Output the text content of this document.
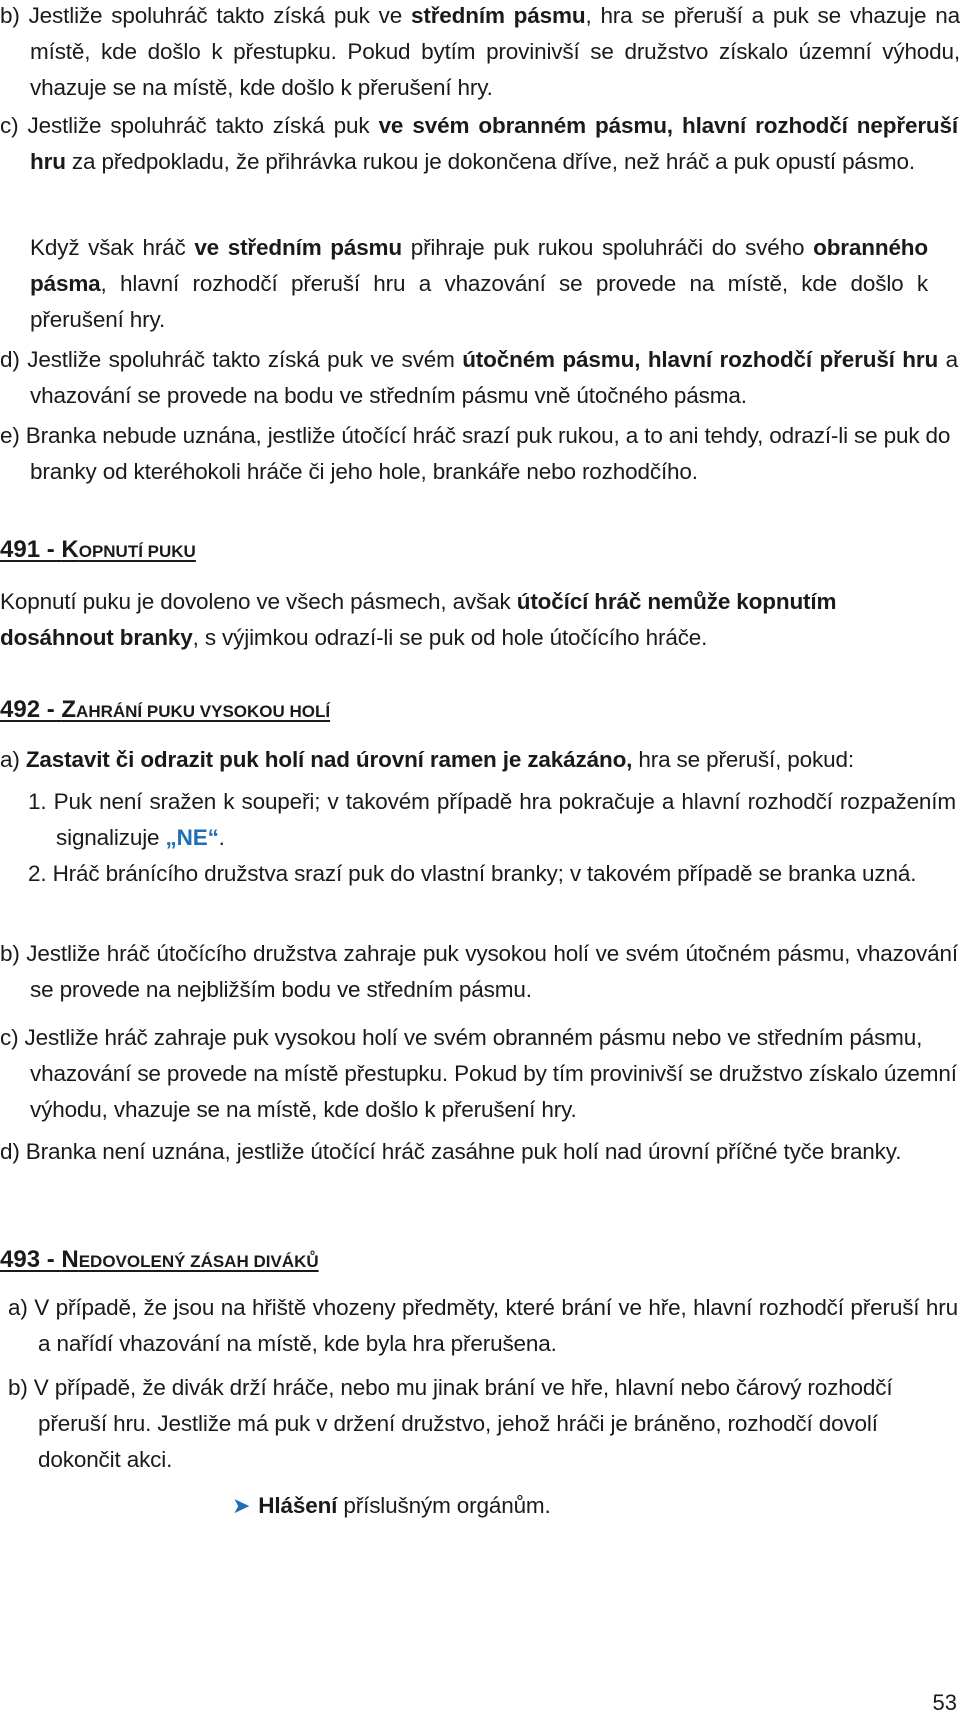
b) Jestliže spoluhráč takto získá puk ve středním pásmu, hra se přeruší a puk se vhazuje na místě, kde došlo k přestupku. Pokud bytím provinivší se družstvo získalo územní výhodu, vhazuje se na místě, kde došlo k přerušení hry.

c) Jestliže spoluhráč takto získá puk ve svém obranném pásmu, hlavní rozhodčí nepřeruší hru za předpokladu, že přihrávka rukou je dokončena dříve, než hráč a puk opustí pásmo.

Když však hráč ve středním pásmu přihraje puk rukou spoluhráči do svého obranného pásma, hlavní rozhodčí přeruší hru a vhazování se provede na místě, kde došlo k přerušení hry.

d) Jestliže spoluhráč takto získá puk ve svém útočném pásmu, hlavní rozhodčí přeruší hru a vhazování se provede na bodu ve středním pásmu vně útočného pásma.

e) Branka nebude uznána, jestliže útočící hráč srazí puk rukou, a to ani tehdy, odrazí-li se puk do branky od kteréhokoli hráče či jeho hole, brankáře nebo rozhodčího.

491 - KOPNUTÍ PUKU

Kopnutí puku je dovoleno ve všech pásmech, avšak útočící hráč nemůže kopnutím dosáhnout branky, s výjimkou odrazí-li se puk od hole útočícího hráče.

492 - ZAHRÁNÍ PUKU VYSOKOU HOLÍ

a) Zastavit či odrazit puk holí nad úrovní ramen je zakázáno, hra se přeruší, pokud:

1. Puk není sražen k soupeři; v takovém případě hra pokračuje a hlavní rozhodčí rozpažením signalizuje „NE“.

2. Hráč bránícího družstva srazí puk do vlastní branky; v takovém případě se branka uzná.

b) Jestliže hráč útočícího družstva zahraje puk vysokou holí ve svém útočném pásmu, vhazování se provede na nejbližším bodu ve středním pásmu.

c) Jestliže hráč zahraje puk vysokou holí ve svém obranném pásmu nebo ve středním pásmu, vhazování se provede na místě přestupku. Pokud by tím provinivší se družstvo získalo územní výhodu, vhazuje se na místě, kde došlo k přerušení hry.

d) Branka není uznána, jestliže útočící hráč zasáhne puk holí nad úrovní příčné tyče branky.

493 - NEDOVOLENÝ ZÁSAH DIVÁKŮ

a) V případě, že jsou na hřiště vhozeny předměty, které brání ve hře, hlavní rozhodčí přeruší hru a nařídí vhazování na místě, kde byla hra přerušena.

b) V případě, že divák drží hráče, nebo mu jinak brání ve hře, hlavní nebo čárový rozhodčí přeruší hru. Jestliže má puk v držení družstvo, jehož hráči je bráněno, rozhodčí dovolí dokončit akci.

➤ Hlášení příslušným orgánům.

53
